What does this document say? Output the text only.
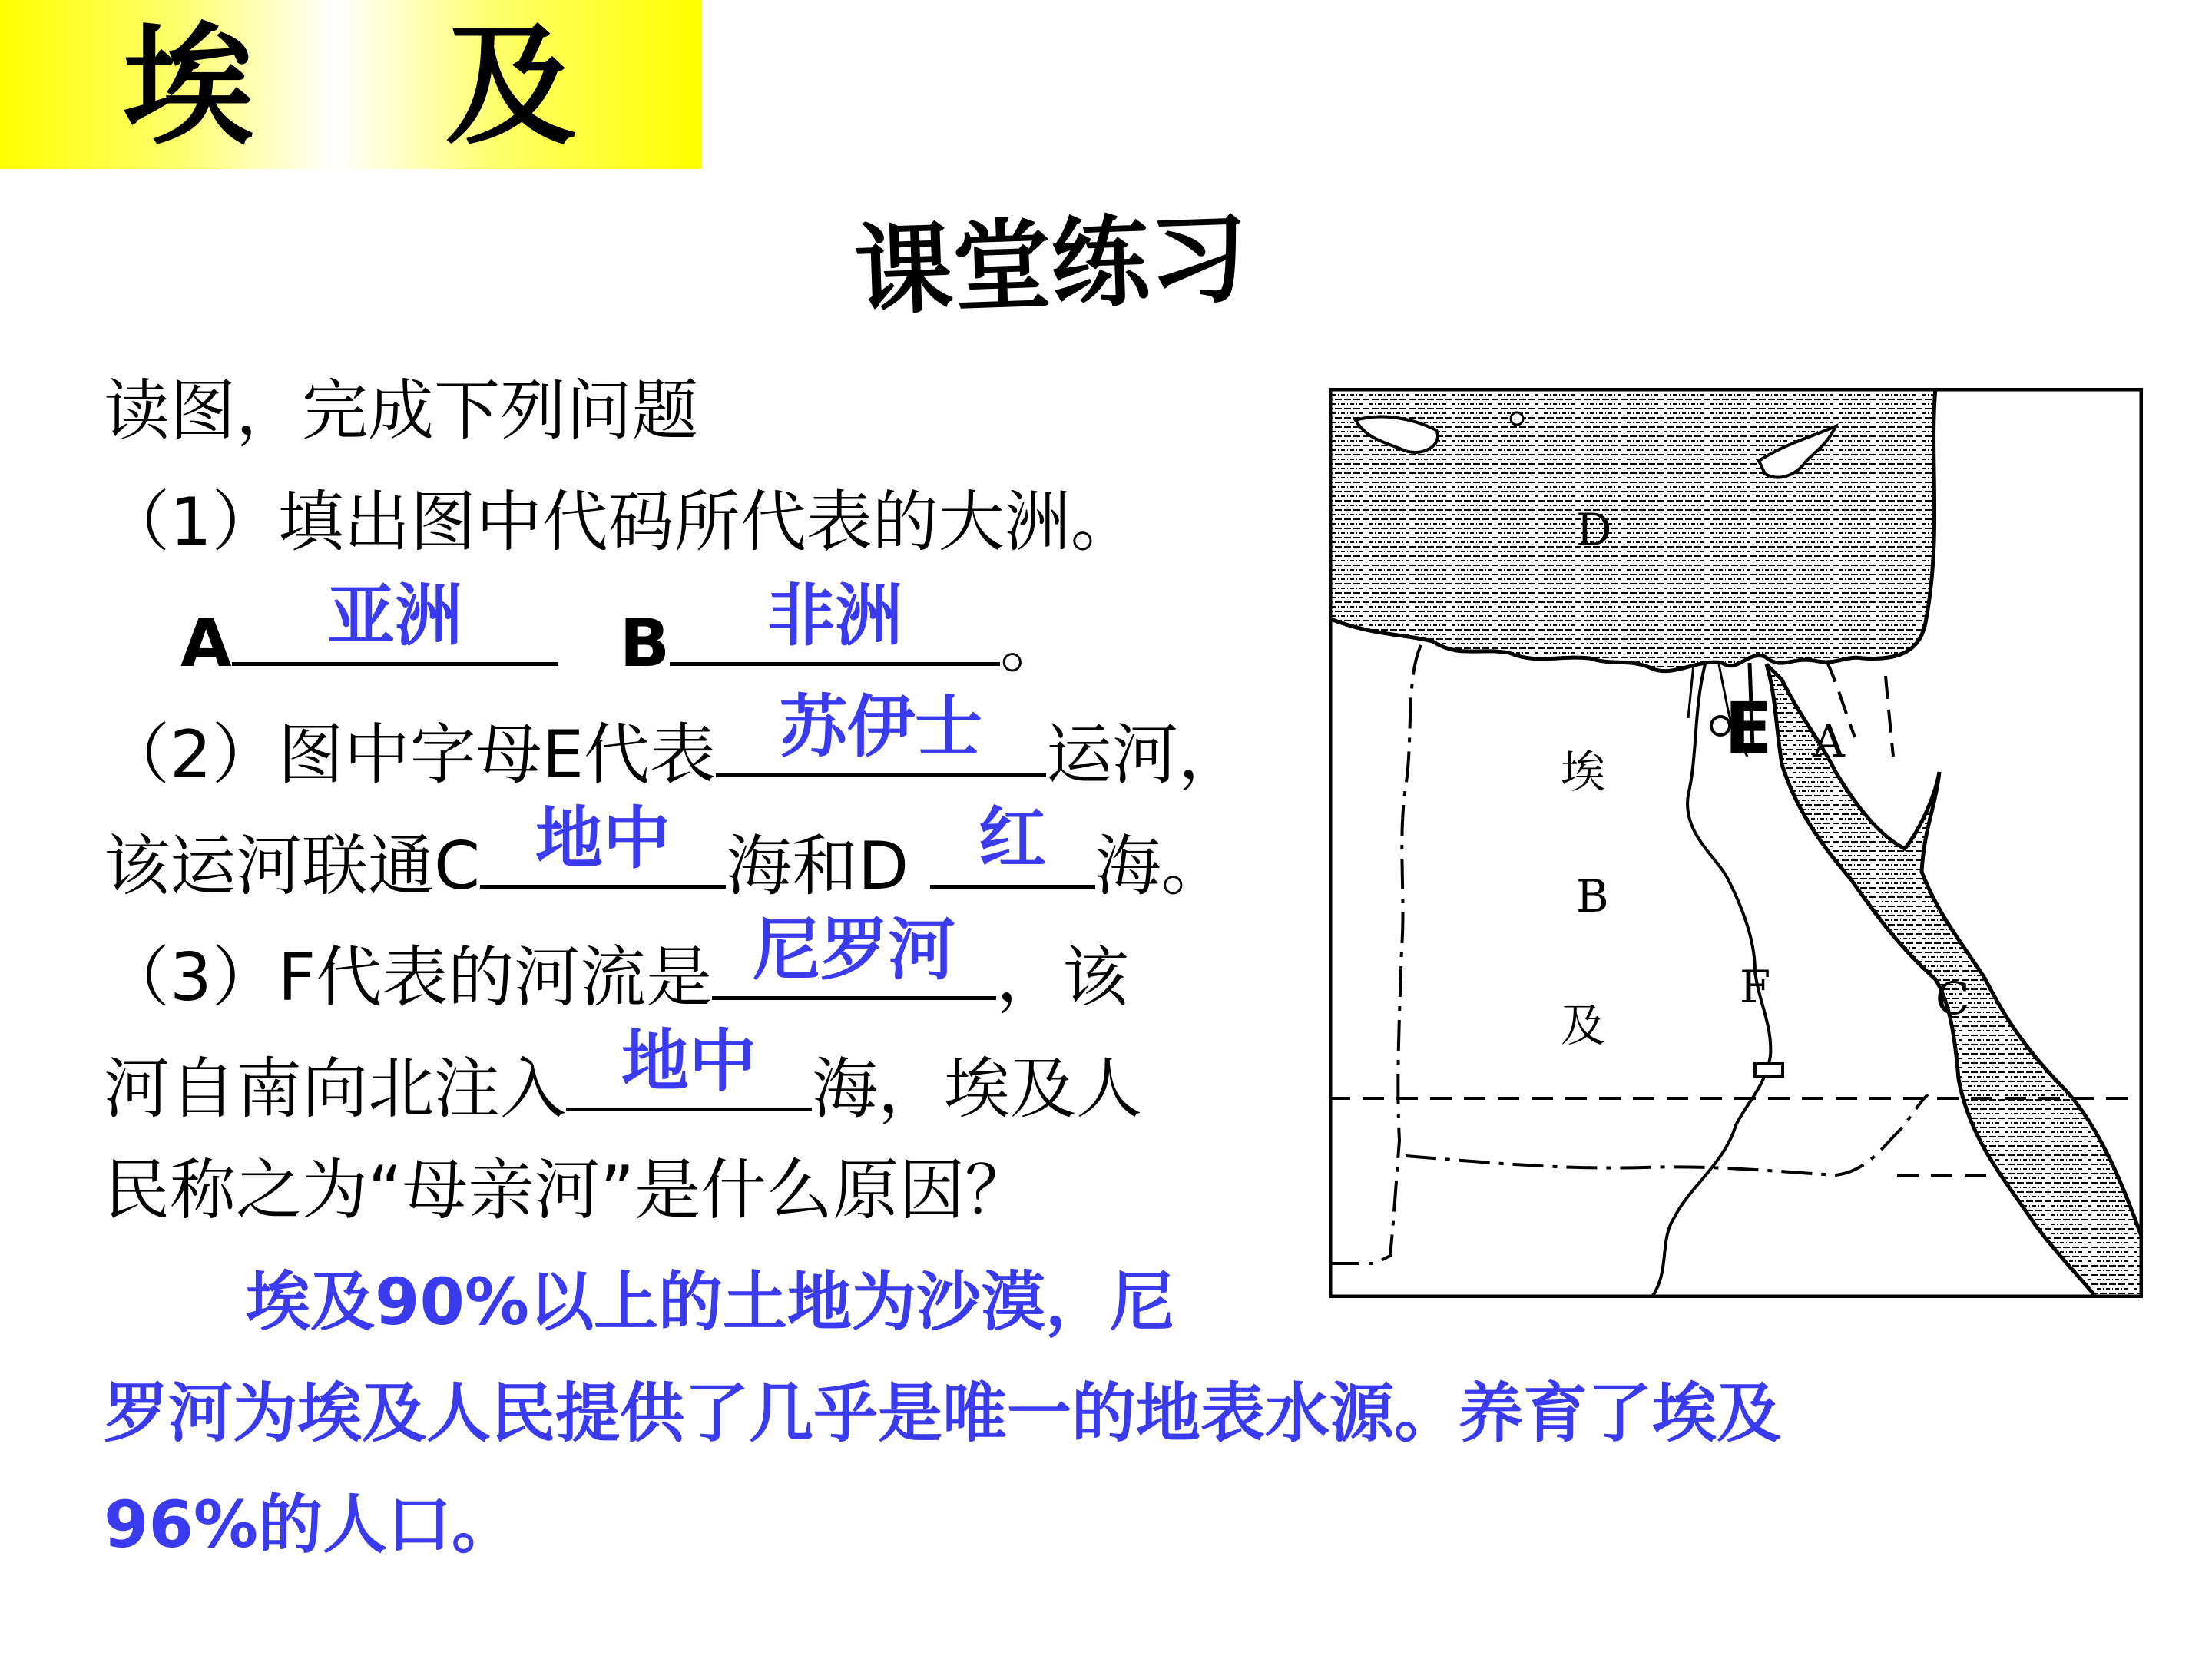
埃及
课堂练习
读图，完成下列问题
（1）填出图中代码所代表的大洲。
A	亚洲	B	非洲	。
（2）图中字母E代表 苏伊士 运河，
该运河联通C 地中 海和D 红 海。
（3）F代表的河流是 尼罗河 ，该
河自南向北注入 地中 海，埃及人
民称之为“母亲河”是什么原因？
埃及90%以上的土地为沙漠，尼
罗河为埃及人民提供了几乎是唯一的地表水源。养育了埃及
96%的人口。
D
E A
埃
B
及
F	C
